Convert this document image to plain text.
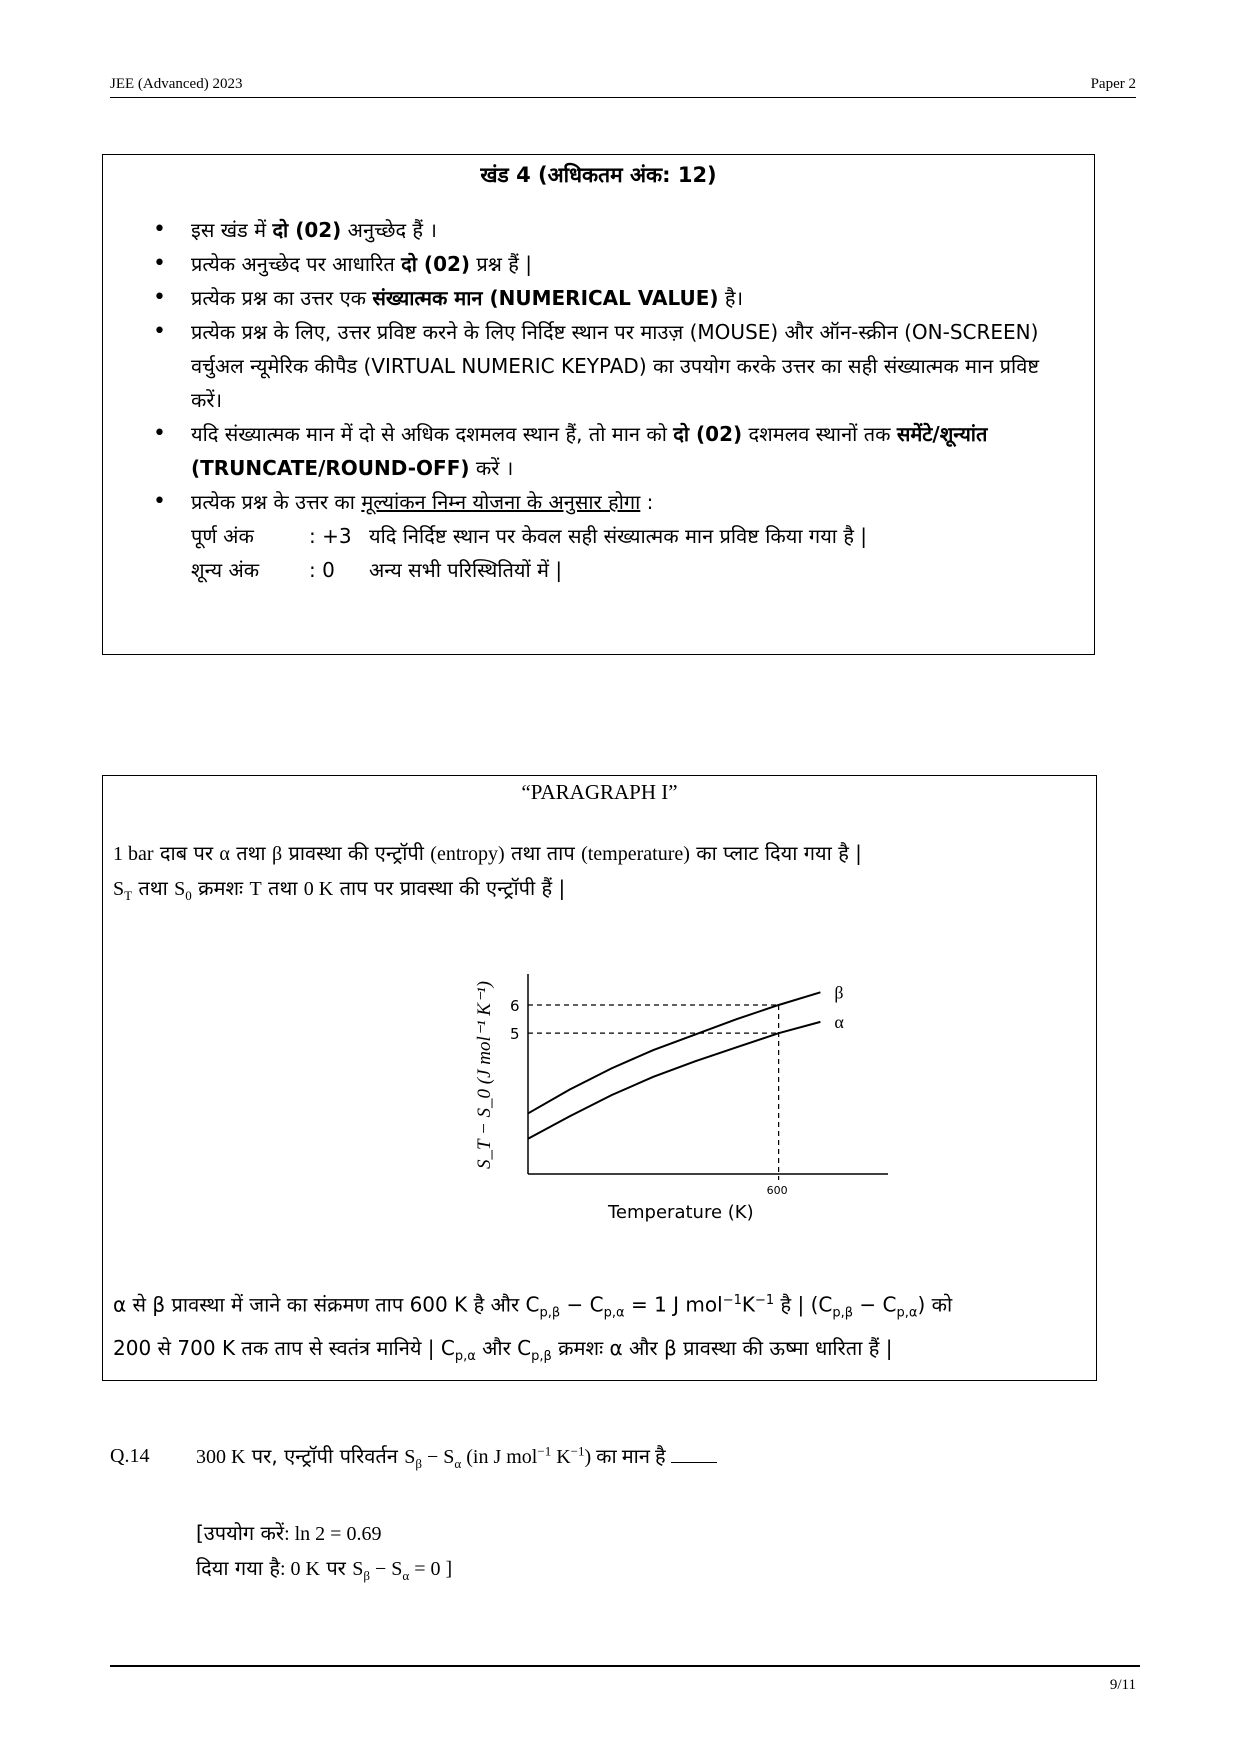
JEE (Advanced) 2023	Paper 2
खंड 4 (अधिकतम अंक: 12)
• इस खंड में दो (02) अनुच्छेद हैं ।
• प्रत्येक अनुच्छेद पर आधारित दो (02) प्रश्न हैं |
• प्रत्येक प्रश्न का उत्तर एक संख्यात्मक मान (NUMERICAL VALUE) है।
• प्रत्येक प्रश्न के लिए, उत्तर प्रविष्ट करने के लिए निर्दिष्ट स्थान पर माउज़ (MOUSE) और ऑन-स्क्रीन (ON-SCREEN) वर्चुअल न्यूमेरिक कीपैड (VIRTUAL NUMERIC KEYPAD) का उपयोग करके उत्तर का सही संख्यात्मक मान प्रविष्ट करें।
• यदि संख्यात्मक मान में दो से अधिक दशमलव स्थान हैं, तो मान को दो (02) दशमलव स्थानों तक समेंटे/शून्यांत (TRUNCATE/ROUND-OFF) करें ।
• प्रत्येक प्रश्न के उत्तर का मूल्यांकन निम्न योजना के अनुसार होगा :
पूर्ण अंक	: +3 यदि निर्दिष्ट स्थान पर केवल सही संख्यात्मक मान प्रविष्ट किया गया है |
शून्य अंक	: 0	अन्य सभी परिस्थितियों में |
“PARAGRAPH I”
1 bar दाब पर α तथा β प्रावस्था की एन्ट्रॉपी (entropy) तथा ताप (temperature) का प्लाट दिया गया है |
$S_T$ तथा $S_0$ क्रमशः T तथा 0 K ताप पर प्रावस्था की एन्ट्रॉपी हैं |
β
α
6
5
600
Temperature (K)
S_T − S_0 (J mol⁻¹ K⁻¹)
α से β प्रावस्था में जाने का संक्रमण ताप 600 K है और $C_{p,\beta} - C_{p,\alpha} = 1$ J $mol^{-1}K^{-1}$ है | $(C_{p,\beta} - C_{p,\alpha})$ को
200 से 700 K तक ताप से स्वतंत्र मानिये | $C_{p,\alpha}$ और $C_{p,\beta}$ क्रमशः α और β प्रावस्था की ऊष्मा धारिता हैं |
Q.14 300 K पर, एन्ट्रॉपी परिवर्तन $S_\beta - S_\alpha$ (in J mol$^{-1}$ $K^{-1}$) का मान है
[उपयोग करें: ln 2 = 0.69
दिया गया है: 0 K पर $S_\beta - S_\alpha = 0$ ]
9/11
